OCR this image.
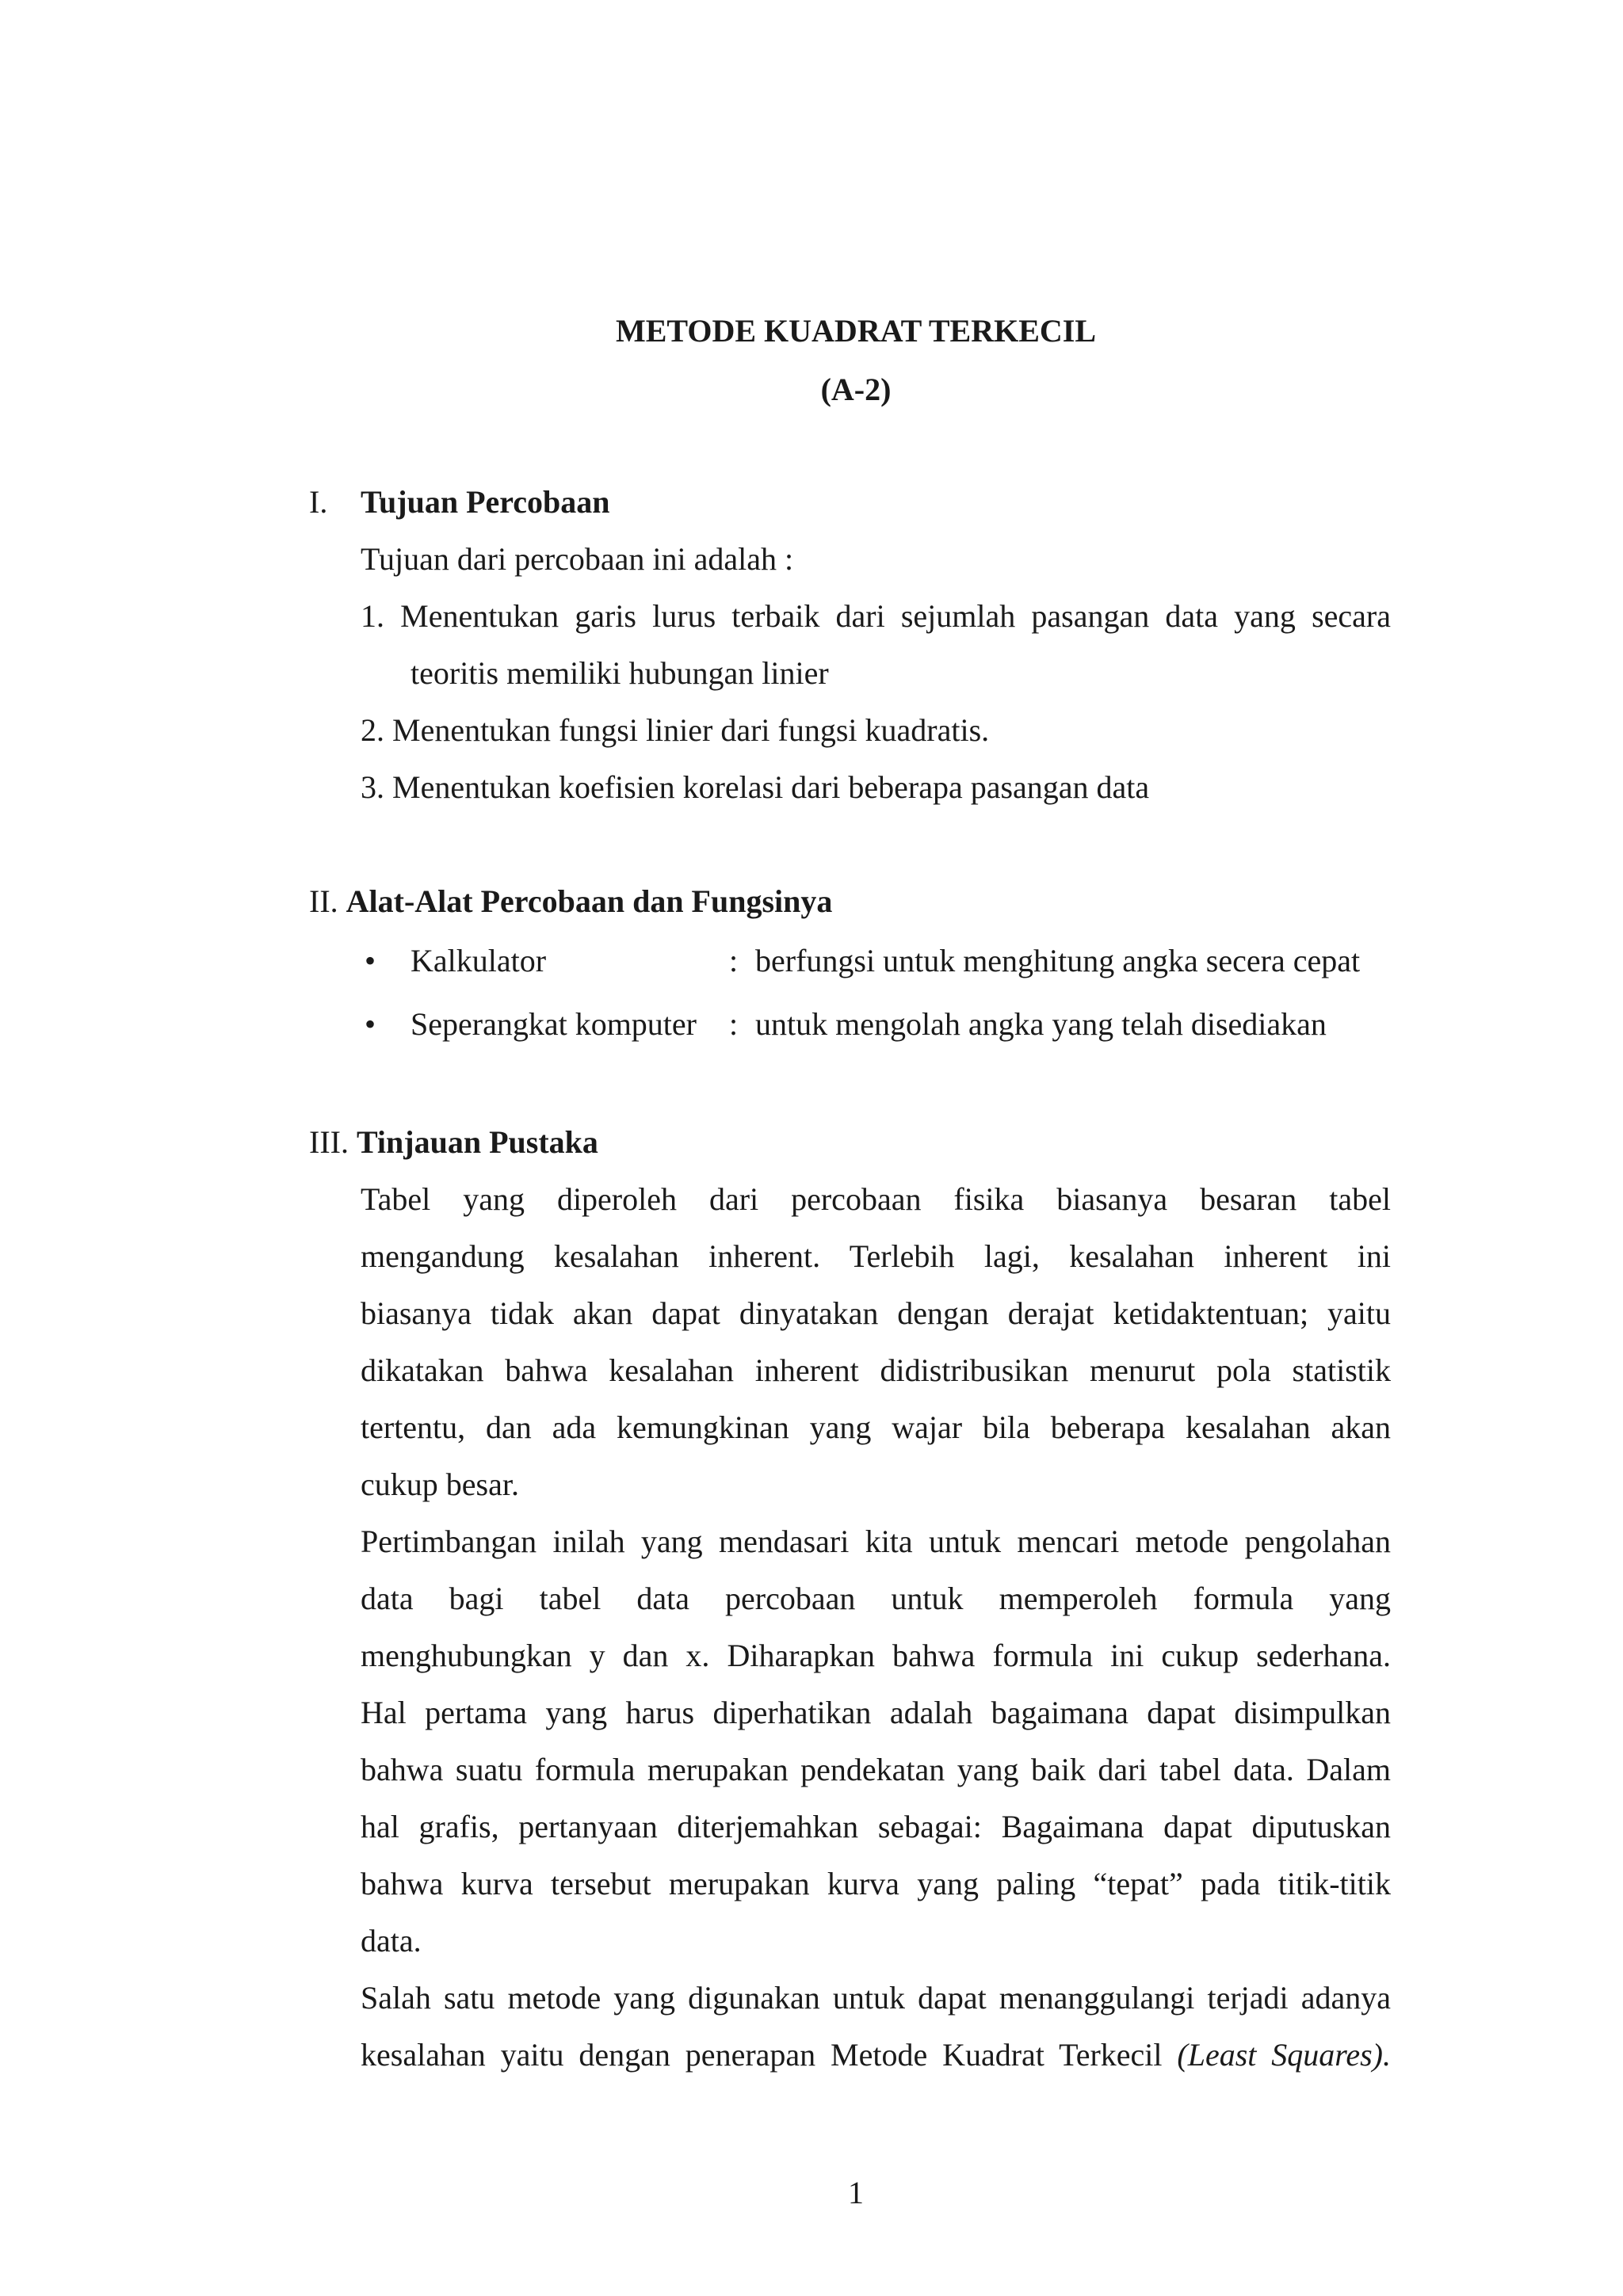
METODE KUADRAT TERKECIL
(A-2)
I. Tujuan Percobaan
Tujuan dari percobaan ini adalah :
1. Menentukan garis lurus terbaik dari sejumlah pasangan data yang secara
teoritis memiliki hubungan linier
2. Menentukan fungsi linier dari fungsi kuadratis.
3. Menentukan koefisien korelasi dari beberapa pasangan data
II. Alat-Alat Percobaan dan Fungsinya
• Kalkulator	: berfungsi untuk menghitung angka secera cepat
• Seperangkat komputer : untuk mengolah angka yang telah disediakan
III. Tinjauan Pustaka
Tabel yang diperoleh dari percobaan fisika biasanya besaran tabel
mengandung kesalahan inherent. Terlebih lagi, kesalahan inherent ini
biasanya tidak akan dapat dinyatakan dengan derajat ketidaktentuan; yaitu
dikatakan bahwa kesalahan inherent didistribusikan menurut pola statistik
tertentu, dan ada kemungkinan yang wajar bila beberapa kesalahan akan
cukup besar.
Pertimbangan inilah yang mendasari kita untuk mencari metode pengolahan
data bagi tabel data percobaan untuk memperoleh formula yang
menghubungkan y dan x. Diharapkan bahwa formula ini cukup sederhana.
Hal pertama yang harus diperhatikan adalah bagaimana dapat disimpulkan
bahwa suatu formula merupakan pendekatan yang baik dari tabel data. Dalam
hal grafis, pertanyaan diterjemahkan sebagai: Bagaimana dapat diputuskan
bahwa kurva tersebut merupakan kurva yang paling “tepat” pada titik-titik
data.
Salah satu metode yang digunakan untuk dapat menanggulangi terjadi adanya
kesalahan yaitu dengan penerapan Metode Kuadrat Terkecil (Least Squares).
1
